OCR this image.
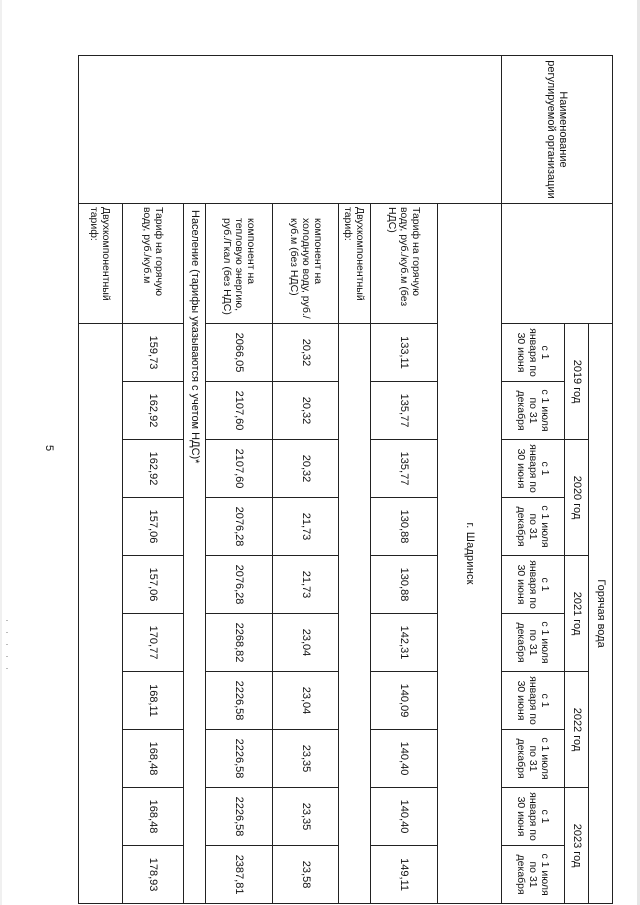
5
Наименование регулируемой организации		Горячая вода									
		2019 год		2020 год		2021 год		2022 год		2023 год	
		с 1 января по 30 июня	с 1 июля по 31 декабря	с 1 января по 30 июня	с 1 июля по 31 декабря	с 1 января по 30 июня	с 1 июля по 31 декабря	с 1 января по 30 июня	с 1 июля по 31 декабря	с 1 января по 30 июня	с 1 июля по 31 декабря
	г. Шадринск										
	Тариф на горячую воду, руб./куб.м (без НДС)	133,11	135,77	135,77	130,88	130,88	142,31	140,09	140,40	140,40	149,11
	Двухкомпонентный тариф:										
	компонент на холодную воду, руб./куб.м (без НДС)	20,32	20,32	20,32	21,73	21,73	23,04	23,04	23,35	23,35	23,58
	компонент на тепловую энергию, руб./Гкал (без НДС)	2066,05	2107,60	2107,60	2076,28	2076,28	2268,82	2226,58	2226,58	2226,58	2387,81
	Население (тарифы указываются с учетом НДС)*										
	Тариф на горячую воду, руб./куб.м	159,73	162,92	162,92	157,06	157,06	170,77	168,11	168,48	168,48	178,93
	Двухкомпонентный тариф:										
